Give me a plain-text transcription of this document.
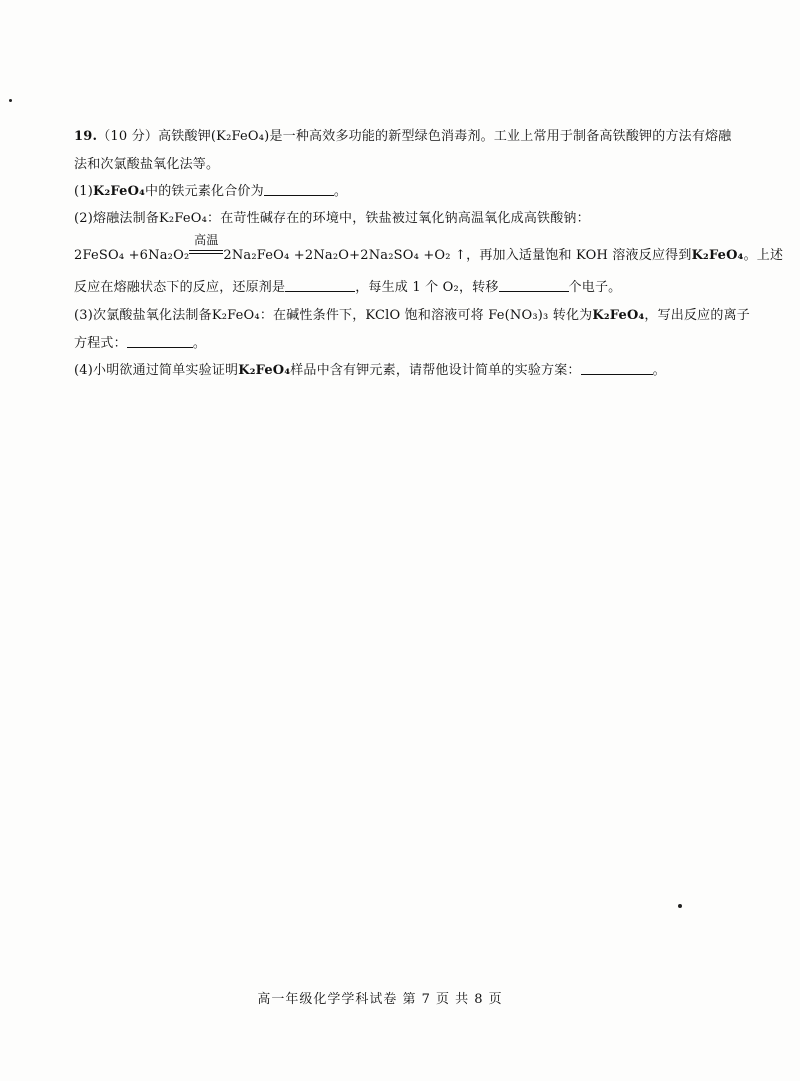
19.（10 分）高铁酸钾(K₂FeO₄)是一种高效多功能的新型绿色消毒剂。工业上常用于制备高铁酸钾的方法有熔融
法和次氯酸盐氧化法等。
(1)K₂FeO₄中的铁元素化合价为	。
(2)熔融法制备K₂FeO₄：在苛性碱存在的环境中，铁盐被过氧化钠高温氧化成高铁酸钠：
2FeSO₄ +6Na₂O₂
高温
2Na₂FeO₄ +2Na₂O+2Na₂SO₄ +O₂ ↑，再加入适量饱和 KOH 溶液反应得到K₂FeO₄。上述
反应在熔融状态下的反应，还原剂是	，每生成 1 个 O₂，转移	个电子。
(3)次氯酸盐氧化法制备K₂FeO₄：在碱性条件下，KClO 饱和溶液可将 Fe(NO₃)₃ 转化为K₂FeO₄，写出反应的离子
方程式：	。
(4)小明欲通过简单实验证明K₂FeO₄样品中含有钾元素，请帮他设计简单的实验方案：	。
高一年级化学学科试卷 第 7 页 共 8 页
